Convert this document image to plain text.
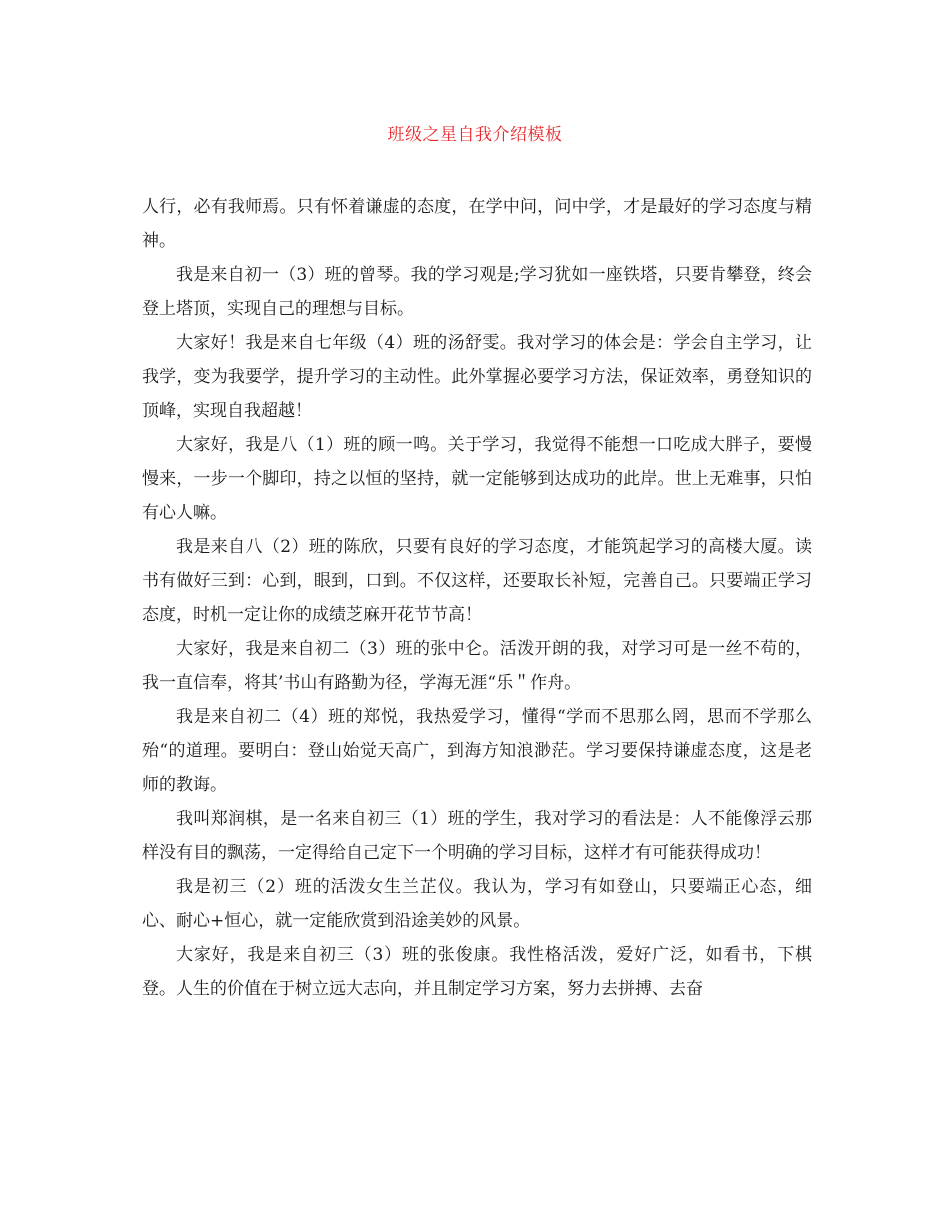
班级之星自我介绍模板

人行，必有我师焉。只有怀着谦虚的态度，在学中问，问中学，才是最好的学习态度与精神。

我是来自初一（3）班的曾琴。我的学习观是;学习犹如一座铁塔，只要肯攀登，终会登上塔顶，实现自己的理想与目标。

大家好！我是来自七年级（4）班的汤舒雯。我对学习的体会是：学会自主学习，让我学，变为我要学，提升学习的主动性。此外掌握必要学习方法，保证效率，勇登知识的顶峰，实现自我超越！

大家好，我是八（1）班的顾一鸣。关于学习，我觉得不能想一口吃成大胖子，要慢慢来，一步一个脚印，持之以恒的坚持，就一定能够到达成功的此岸。世上无难事，只怕有心人嘛。

我是来自八（2）班的陈欣，只要有良好的学习态度，才能筑起学习的高楼大厦。读书有做好三到：心到，眼到，口到。不仅这样，还要取长补短，完善自己。只要端正学习态度，时机一定让你的成绩芝麻开花节节高！

大家好，我是来自初二（3）班的张中仑。活泼开朗的我，对学习可是一丝不苟的，我一直信奉，将其’书山有路勤为径，学海无涯“乐＂作舟。

我是来自初二（4）班的郑悦，我热爱学习，懂得“学而不思那么罔，思而不学那么殆“的道理。要明白：登山始觉天高广，到海方知浪渺茫。学习要保持谦虚态度，这是老师的教诲。

我叫郑润棋，是一名来自初三（1）班的学生，我对学习的看法是：人不能像浮云那样没有目的飘荡，一定得给自己定下一个明确的学习目标，这样才有可能获得成功！

我是初三（2）班的活泼女生兰芷仪。我认为，学习有如登山，只要端正心态，细心、耐心+恒心，就一定能欣赏到沿途美妙的风景。

大家好，我是来自初三（3）班的张俊康。我性格活泼，爱好广泛，如看书，下棋登。人生的价值在于树立远大志向，并且制定学习方案，努力去拼搏、去奋
